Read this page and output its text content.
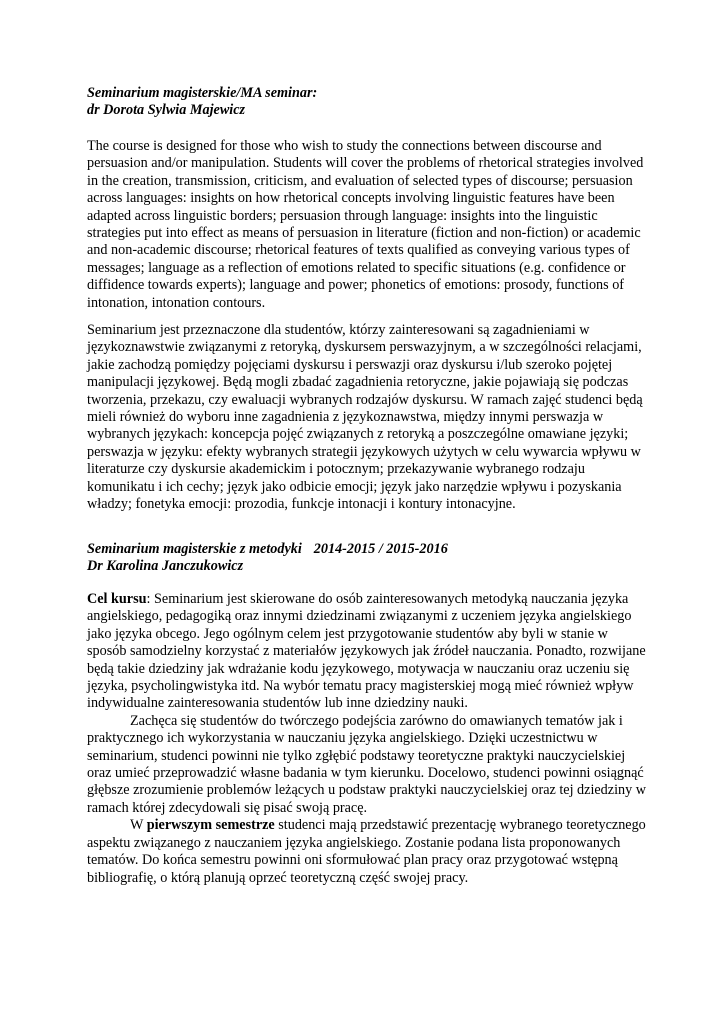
Seminarium magisterskie/MA seminar:
dr Dorota Sylwia Majewicz

The course is designed for those who wish to study the connections between discourse and persuasion and/or manipulation. Students will cover the problems of rhetorical strategies involved in the creation, transmission, criticism, and evaluation of selected types of discourse; persuasion across languages: insights on how rhetorical concepts involving linguistic features have been adapted across linguistic borders; persuasion through language: insights into the linguistic strategies put into effect as means of persuasion in literature (fiction and non-fiction) or academic and non-academic discourse; rhetorical features of texts qualified as conveying various types of messages; language as a reflection of emotions related to specific situations (e.g. confidence or diffidence towards experts); language and power; phonetics of emotions: prosody, functions of intonation, intonation contours.

Seminarium jest przeznaczone dla studentów, którzy zainteresowani są zagadnieniami w językoznawstwie związanymi z retoryką, dyskursem perswazyjnym, a w szczególności relacjami, jakie zachodzą pomiędzy pojęciami dyskursu i perswazji oraz dyskursu i/lub szeroko pojętej manipulacji językowej. Będą mogli zbadać zagadnienia retoryczne, jakie pojawiają się podczas tworzenia, przekazu, czy ewaluacji wybranych rodzajów dyskursu. W ramach zajęć studenci będą mieli również do wyboru inne zagadnienia z językoznawstwa, między innymi perswazja w wybranych językach: koncepcja pojęć związanych z retoryką a poszczególne omawiane języki; perswazja w języku: efekty wybranych strategii językowych użytych w celu wywarcia wpływu w literaturze czy dyskursie akademickim i potocznym; przekazywanie wybranego rodzaju komunikatu i ich cechy; język jako odbicie emocji; język jako narzędzie wpływu i pozyskania władzy; fonetyka emocji: prozodia, funkcje intonacji i kontury intonacyjne.

Seminarium magisterskie z metodyki 2014-2015 / 2015-2016
Dr Karolina Janczukowicz

Cel kursu: Seminarium jest skierowane do osób zainteresowanych metodyką nauczania języka angielskiego, pedagogiką oraz innymi dziedzinami związanymi z uczeniem języka angielskiego jako języka obcego. Jego ogólnym celem jest przygotowanie studentów aby byli w stanie w sposób samodzielny korzystać z materiałów językowych jak źródeł nauczania. Ponadto, rozwijane będą takie dziedziny jak wdrażanie kodu językowego, motywacja w nauczaniu oraz uczeniu się języka, psycholingwistyka itd. Na wybór tematu pracy magisterskiej mogą mieć również wpływ indywidualne zainteresowania studentów lub inne dziedziny nauki.

Zachęca się studentów do twórczego podejścia zarówno do omawianych tematów jak i praktycznego ich wykorzystania w nauczaniu języka angielskiego. Dzięki uczestnictwu w seminarium, studenci powinni nie tylko zgłębić podstawy teoretyczne praktyki nauczycielskiej oraz umieć przeprowadzić własne badania w tym kierunku. Docelowo, studenci powinni osiągnąć głębsze zrozumienie problemów leżących u podstaw praktyki nauczycielskiej oraz tej dziedziny w ramach której zdecydowali się pisać swoją pracę.

W pierwszym semestrze studenci mają przedstawić prezentację wybranego teoretycznego aspektu związanego z nauczaniem języka angielskiego. Zostanie podana lista proponowanych tematów. Do końca semestru powinni oni sformułować plan pracy oraz przygotować wstępną bibliografię, o którą planują oprzeć teoretyczną część swojej pracy.
